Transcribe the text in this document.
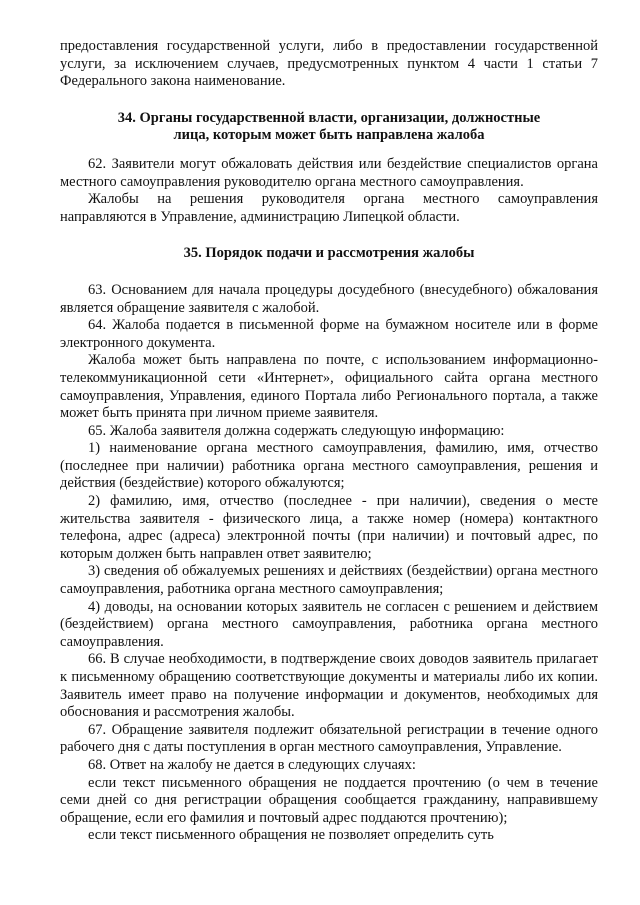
предоставления государственной услуги, либо в предоставлении государственной услуги, за исключением случаев, предусмотренных пунктом 4 части 1 статьи 7 Федерального закона наименование.

34. Органы государственной власти, организации, должностные
лица, которым может быть направлена жалоба

62. Заявители могут обжаловать действия или бездействие специалистов органа местного самоуправления руководителю органа местного самоуправления.

Жалобы на решения руководителя органа местного самоуправления направляются в Управление, администрацию Липецкой области.

35. Порядок подачи и рассмотрения жалобы

63. Основанием для начала процедуры досудебного (внесудебного) обжалования является обращение заявителя с жалобой.

64. Жалоба подается в письменной форме на бумажном носителе или в форме электронного документа.

Жалоба может быть направлена по почте, с использованием информационно-телекоммуникационной сети «Интернет», официального сайта органа местного самоуправления, Управления, единого Портала либо Регионального портала, а также может быть принята при личном приеме заявителя.

65. Жалоба заявителя должна содержать следующую информацию:

1) наименование органа местного самоуправления, фамилию, имя, отчество (последнее при наличии) работника органа местного самоуправления, решения и действия (бездействие) которого обжалуются;

2) фамилию, имя, отчество (последнее - при наличии), сведения о месте жительства заявителя - физического лица, а также номер (номера) контактного телефона, адрес (адреса) электронной почты (при наличии) и почтовый адрес, по которым должен быть направлен ответ заявителю;

3) сведения об обжалуемых решениях и действиях (бездействии) органа местного самоуправления, работника органа местного самоуправления;

4) доводы, на основании которых заявитель не согласен с решением и действием (бездействием) органа местного самоуправления, работника органа местного самоуправления.

66. В случае необходимости, в подтверждение своих доводов заявитель прилагает к письменному обращению соответствующие документы и материалы либо их копии. Заявитель имеет право на получение информации и документов, необходимых для обоснования и рассмотрения жалобы.

67. Обращение заявителя подлежит обязательной регистрации в течение одного рабочего дня с даты поступления в орган местного самоуправления, Управление.

68. Ответ на жалобу не дается в следующих случаях:

если текст письменного обращения не поддается прочтению (о чем в течение семи дней со дня регистрации обращения сообщается гражданину, направившему обращение, если его фамилия и почтовый адрес поддаются прочтению);

если текст письменного обращения не позволяет определить суть
